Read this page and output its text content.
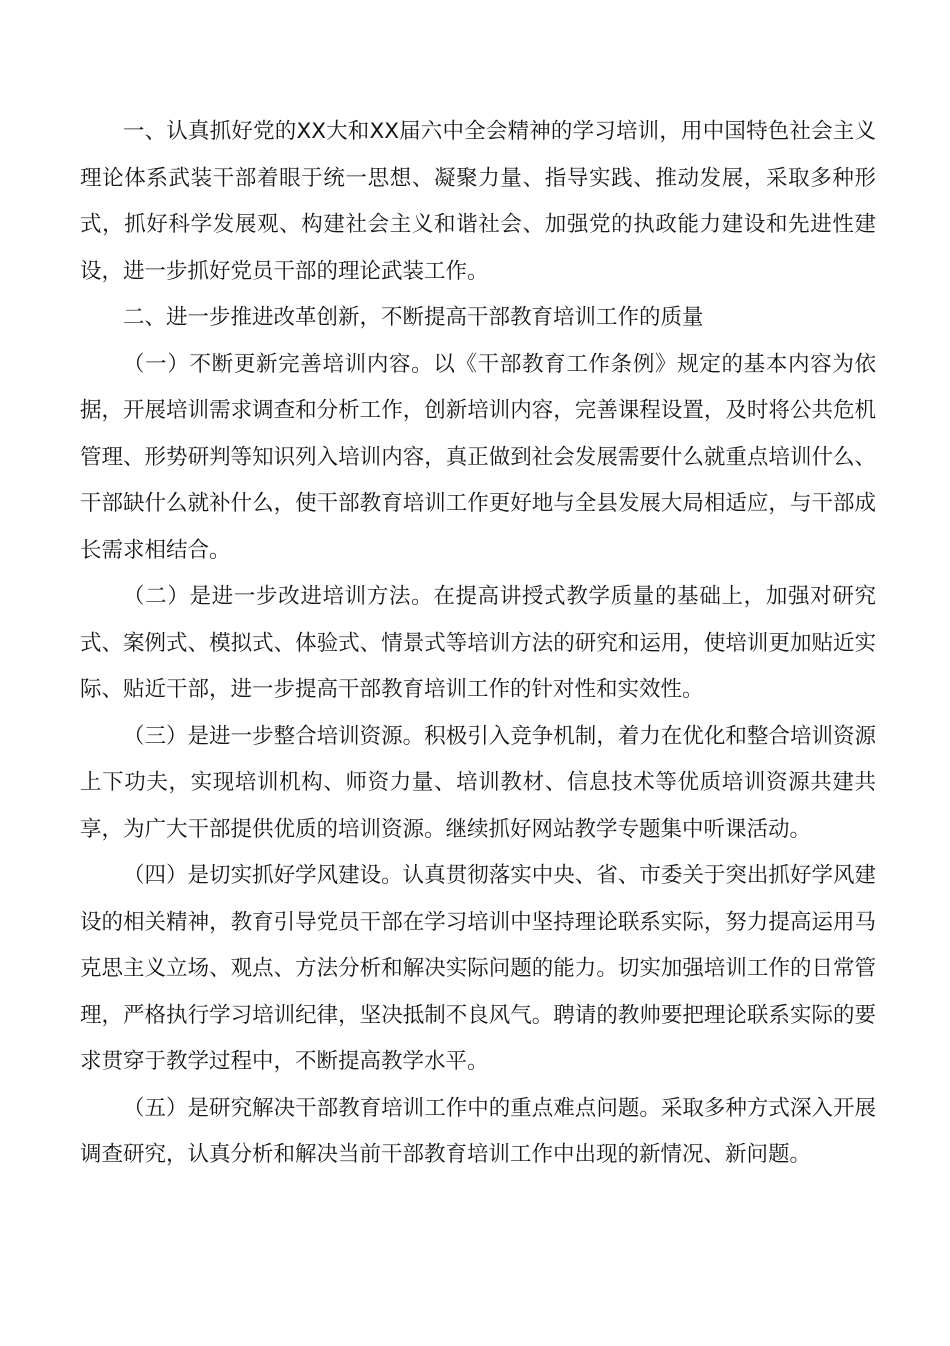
一、认真抓好党的XX大和XX届六中全会精神的学习培训，用中国特色社会主义理论体系武装干部着眼于统一思想、凝聚力量、指导实践、推动发展，采取多种形式，抓好科学发展观、构建社会主义和谐社会、加强党的执政能力建设和先进性建设，进一步抓好党员干部的理论武装工作。

二、进一步推进改革创新，不断提高干部教育培训工作的质量

（一）不断更新完善培训内容。以《干部教育工作条例》规定的基本内容为依据，开展培训需求调查和分析工作，创新培训内容，完善课程设置，及时将公共危机管理、形势研判等知识列入培训内容，真正做到社会发展需要什么就重点培训什么、干部缺什么就补什么，使干部教育培训工作更好地与全县发展大局相适应，与干部成长需求相结合。

（二）是进一步改进培训方法。在提高讲授式教学质量的基础上，加强对研究式、案例式、模拟式、体验式、情景式等培训方法的研究和运用，使培训更加贴近实际、贴近干部，进一步提高干部教育培训工作的针对性和实效性。

（三）是进一步整合培训资源。积极引入竞争机制，着力在优化和整合培训资源上下功夫，实现培训机构、师资力量、培训教材、信息技术等优质培训资源共建共享，为广大干部提供优质的培训资源。继续抓好网站教学专题集中听课活动。

（四）是切实抓好学风建设。认真贯彻落实中央、省、市委关于突出抓好学风建设的相关精神，教育引导党员干部在学习培训中坚持理论联系实际，努力提高运用马克思主义立场、观点、方法分析和解决实际问题的能力。切实加强培训工作的日常管理，严格执行学习培训纪律，坚决抵制不良风气。聘请的教帅要把理论联系实际的要求贯穿于教学过程中，不断提高教学水平。

（五）是研究解决干部教育培训工作中的重点难点问题。采取多种方式深入开展调查研究，认真分析和解决当前干部教育培训工作中出现的新情况、新问题。
